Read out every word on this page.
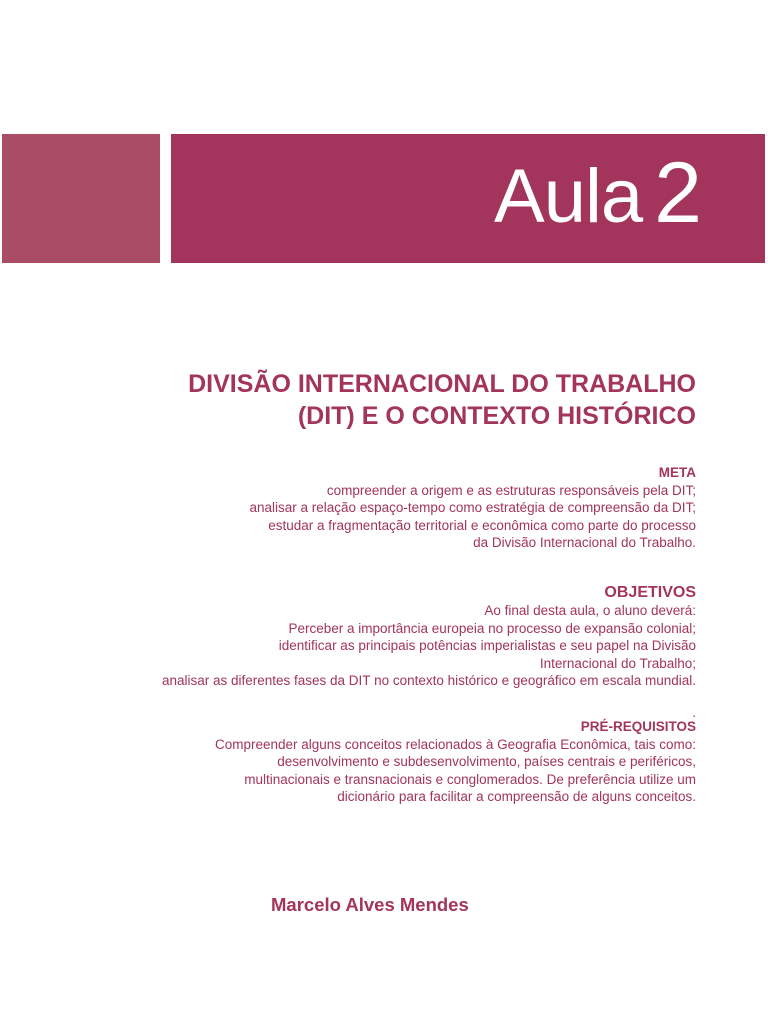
Aula 2
DIVISÃO INTERNACIONAL DO TRABALHO
(DIT) E O CONTEXTO HISTÓRICO
META
compreender a origem e as estruturas responsáveis pela DIT;
analisar a relação espaço-tempo como estratégia de compreensão da DIT;
estudar a fragmentação territorial e econômica como parte do processo
da Divisão Internacional do Trabalho.
OBJETIVOS
Ao final desta aula, o aluno deverá:
Perceber a importância europeia no processo de expansão colonial;
identificar as principais potências imperialistas e seu papel na Divisão
Internacional do Trabalho;
analisar as diferentes fases da DIT no contexto histórico e geográfico em escala mundial.
.
PRÉ-REQUISITOS
Compreender alguns conceitos relacionados à Geografia Econômica, tais como:
desenvolvimento e subdesenvolvimento, países centrais e periféricos,
multinacionais e transnacionais e conglomerados. De preferência utilize um
dicionário para facilitar a compreensão de alguns conceitos.
Marcelo Alves Mendes
